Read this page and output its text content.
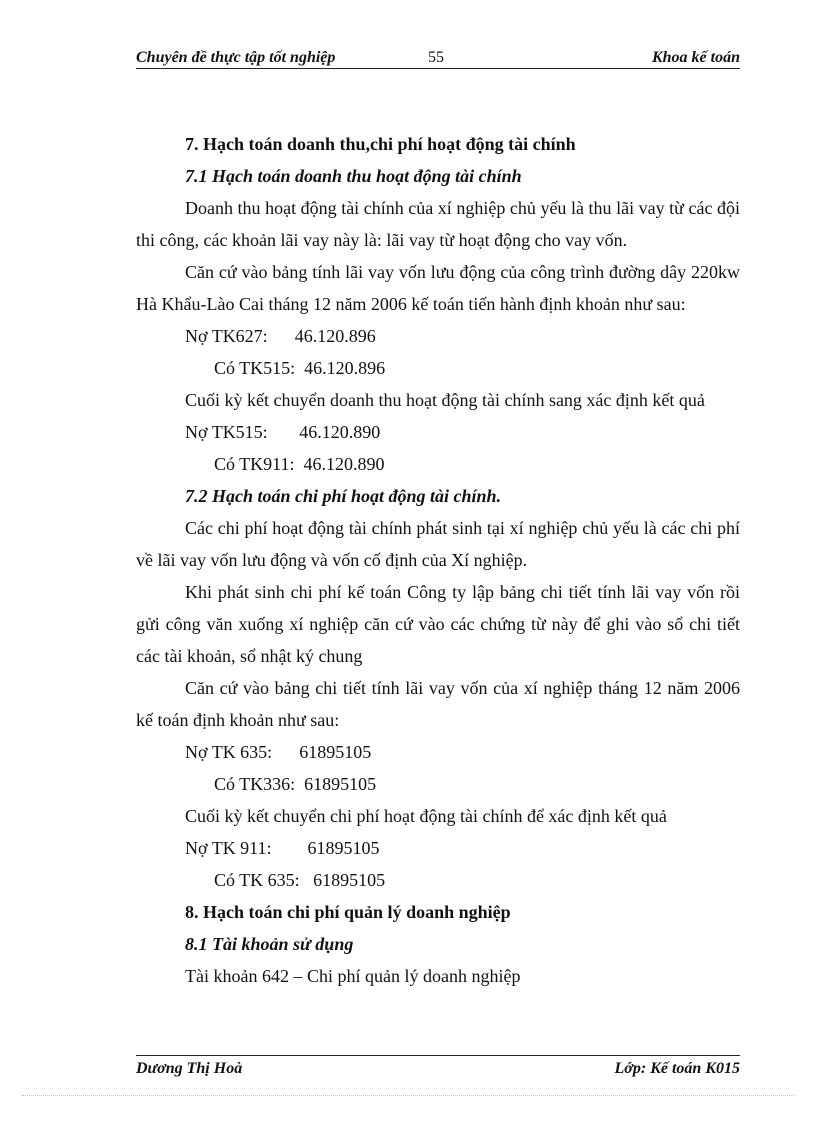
Chuyên đề thực tập tốt nghiệp	55	Khoa kế toán

7. Hạch toán doanh thu,chi phí hoạt động tài chính

7.1 Hạch toán doanh thu hoạt động tài chính

Doanh thu hoạt động tài chính của xí nghiệp chủ yếu là thu lãi vay từ các đội thi công, các khoản lãi vay này là: lãi vay từ hoạt động cho vay vốn.

Căn cứ vào bảng tính lãi vay vốn lưu động của công trình đường dây 220kw Hà Khẩu-Lào Cai tháng 12 năm 2006 kế toán tiến hành định khoản như sau:

Nợ TK627:      46.120.896

Có TK515:  46.120.896

Cuối kỳ kết chuyển doanh thu hoạt động tài chính sang xác định kết quả

Nợ TK515:       46.120.890

Có TK911:  46.120.890

7.2 Hạch toán chi phí hoạt động tài chính.

Các chi phí hoạt động tài chính phát sinh tại xí nghiệp chủ yếu là các chi phí về lãi vay vốn lưu động và vốn cố định của Xí nghiệp.

Khi phát sinh chi phí kế toán Công ty lập bảng chi tiết tính lãi vay vốn rồi gửi công văn xuống xí nghiệp căn cứ vào các chứng từ này để ghi vào sổ chi tiết các tài khoản, sổ nhật ký chung

Căn cứ vào bảng chi tiết tính lãi vay vốn của xí nghiệp tháng 12 năm 2006 kế toán định khoản như sau:

Nợ TK 635:      61895105

Có TK336:  61895105

Cuối kỳ kết chuyển chi phí hoạt động tài chính để xác định kết quả

Nợ TK 911:        61895105

Có TK 635:   61895105

8. Hạch toán chi phí quản lý doanh nghiệp

8.1 Tài khoản sử dụng

Tài khoản 642 – Chi phí quản lý doanh nghiệp

Dương Thị Hoà	Lớp: Kế toán K015
